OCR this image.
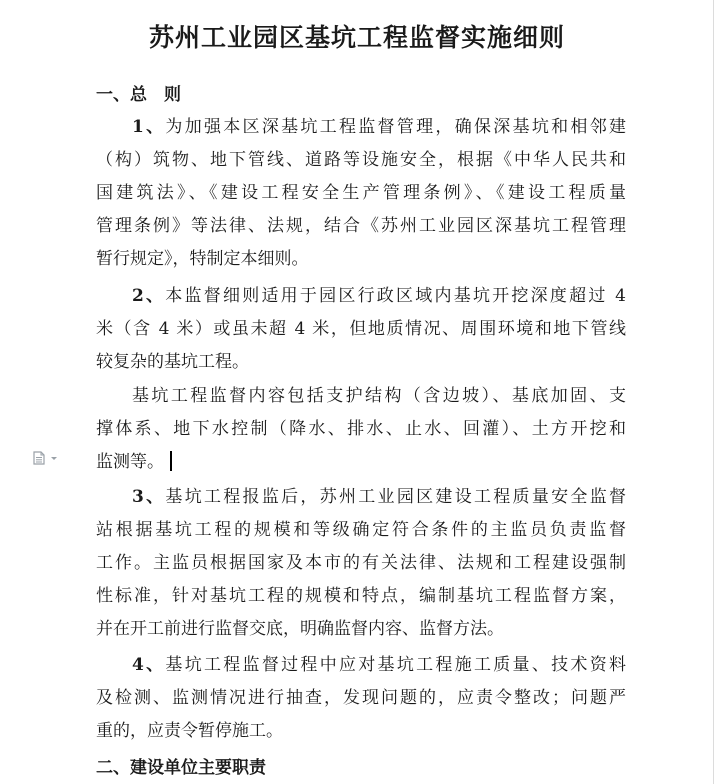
苏州工业园区基坑工程监督实施细则
一、总　则
1、为加强本区深基坑工程监督管理，确保深基坑和相邻建
（构）筑物、地下管线、道路等设施安全，根据《中华人民共和
国建筑法》、《建设工程安全生产管理条例》、《建设工程质量
管理条例》等法律、法规，结合《苏州工业园区深基坑工程管理
暂行规定》，特制定本细则。
2、本监督细则适用于园区行政区域内基坑开挖深度超过 4
米（含 4 米）或虽未超 4 米，但地质情况、周围环境和地下管线
较复杂的基坑工程。
基坑工程监督内容包括支护结构（含边坡）、基底加固、支
撑体系、地下水控制（降水、排水、止水、回灌）、土方开挖和
监测等。
3、基坑工程报监后，苏州工业园区建设工程质量安全监督
站根据基坑工程的规模和等级确定符合条件的主监员负责监督
工作。主监员根据国家及本市的有关法律、法规和工程建设强制
性标准，针对基坑工程的规模和特点，编制基坑工程监督方案，
并在开工前进行监督交底，明确监督内容、监督方法。
4、基坑工程监督过程中应对基坑工程施工质量、技术资料
及检测、监测情况进行抽查，发现问题的，应责令整改；问题严
重的，应责令暂停施工。
二、建设单位主要职责
